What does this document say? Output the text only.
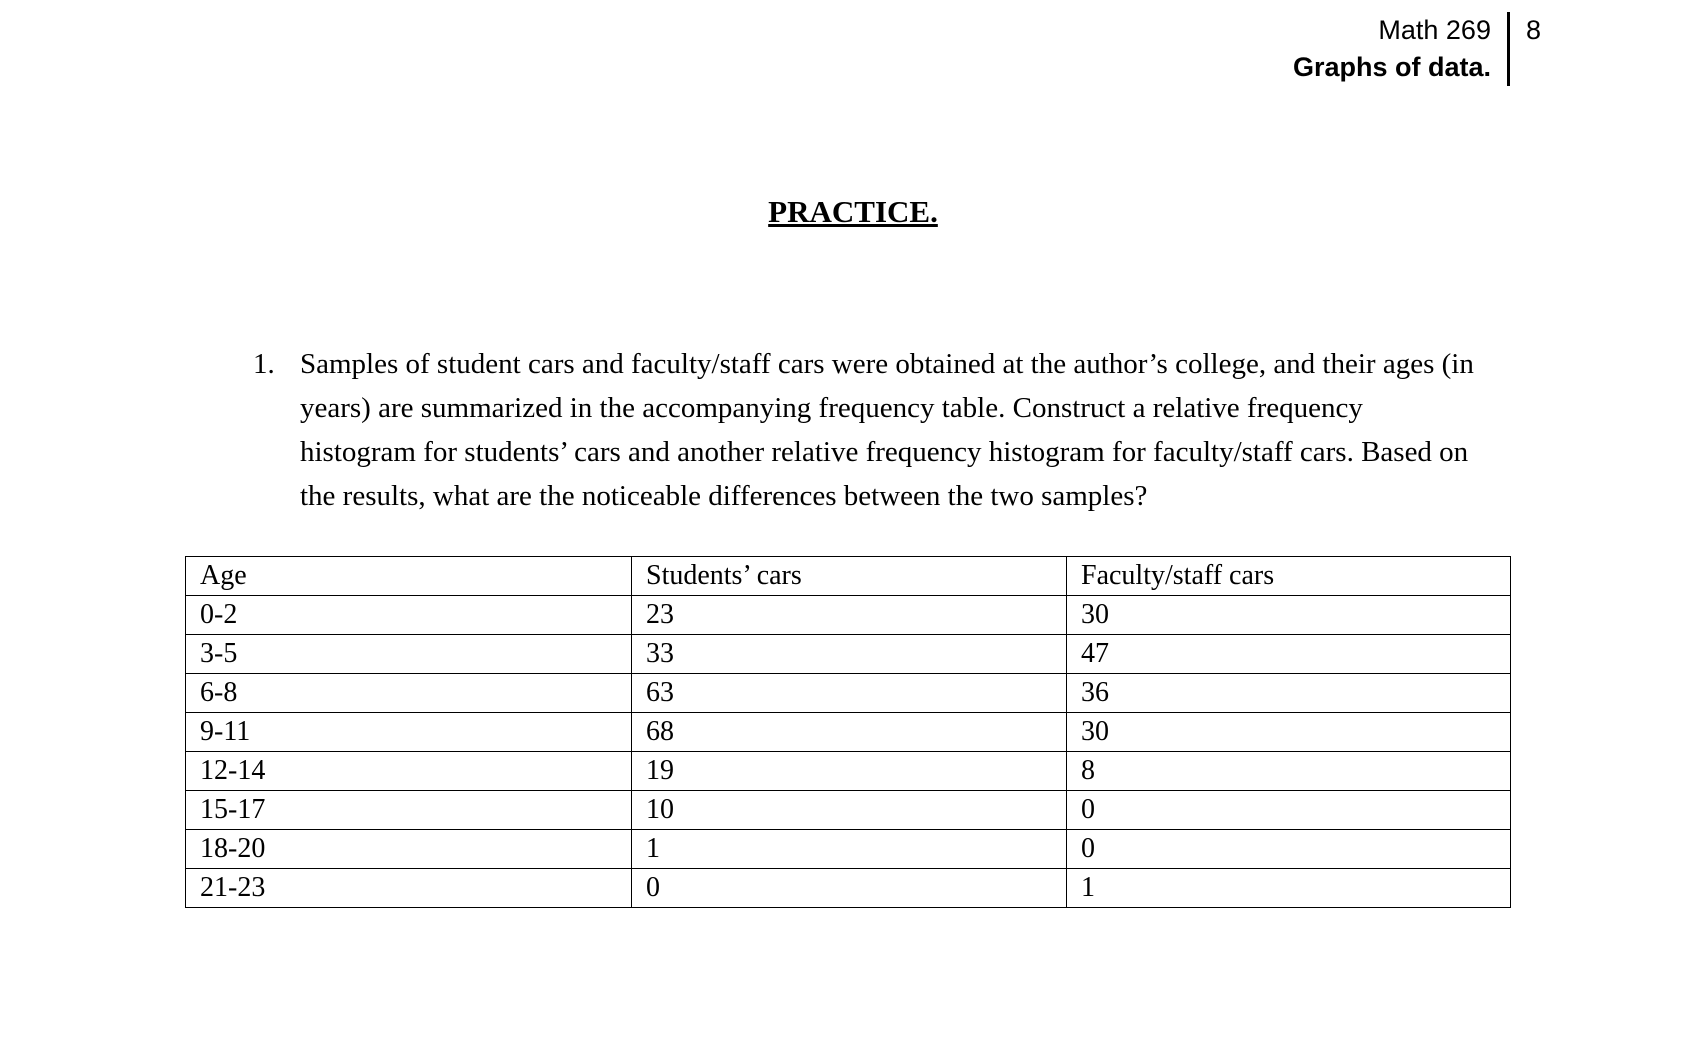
Math 269
Graphs of data.
8
PRACTICE.
1. Samples of student cars and faculty/staff cars were obtained at the author’s college, and their ages (in years) are summarized in the accompanying frequency table. Construct a relative frequency histogram for students’ cars and another relative frequency histogram for faculty/staff cars. Based on the results, what are the noticeable differences between the two samples?
Age	Students’ cars	Faculty/staff cars
0-2	23	30
3-5	33	47
6-8	63	36
9-11	68	30
12-14	19	8
15-17	10	0
18-20	1	0
21-23	0	1
